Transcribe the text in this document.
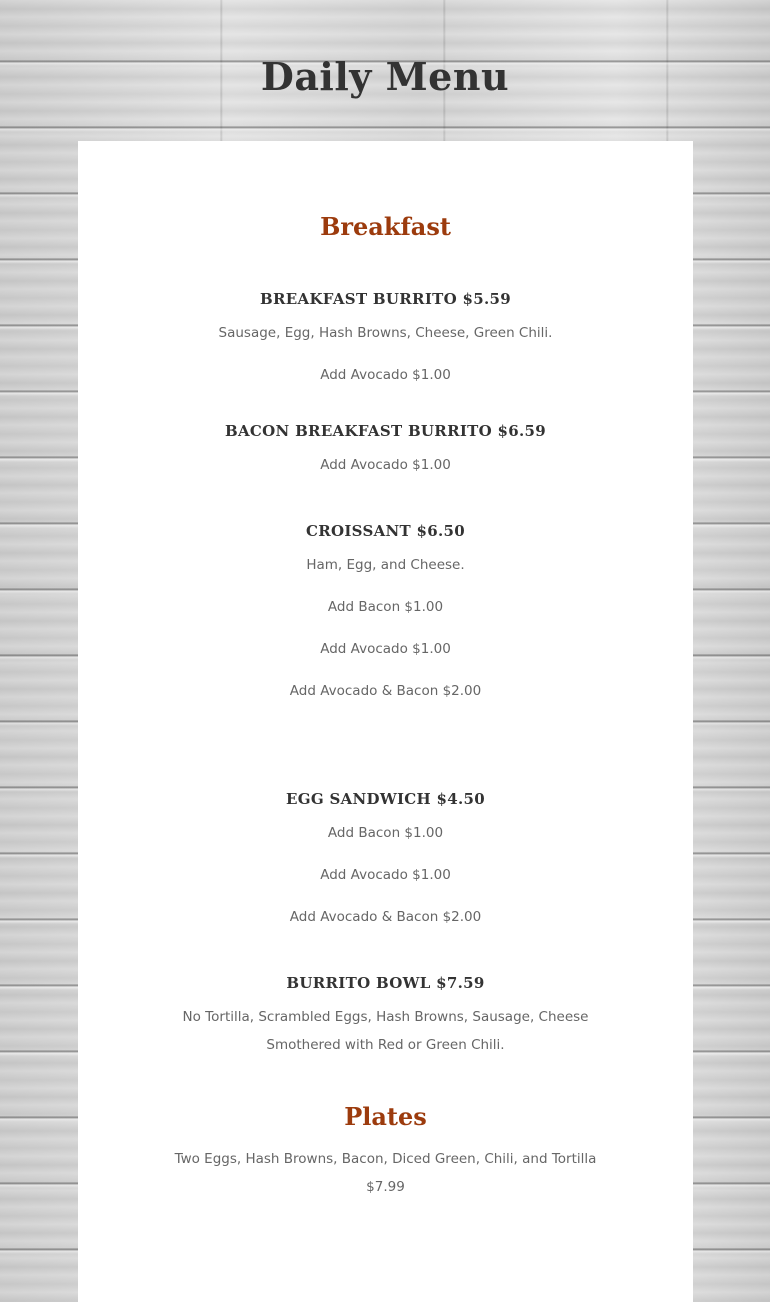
Daily Menu
Breakfast
BREAKFAST BURRITO $5.59

Sausage, Egg, Hash Browns, Cheese, Green Chili.

Add Avocado $1.00

BACON BREAKFAST BURRITO $6.59

Add Avocado $1.00

CROISSANT $6.50

Ham, Egg, and Cheese.

Add Bacon $1.00

Add Avocado $1.00

Add Avocado & Bacon $2.00

EGG SANDWICH $4.50

Add Bacon $1.00

Add Avocado $1.00

Add Avocado & Bacon $2.00

BURRITO BOWL $7.59

No Tortilla, Scrambled Eggs, Hash Browns, Sausage, Cheese

Smothered with Red or Green Chili.

Plates

Two Eggs, Hash Browns, Bacon, Diced Green, Chili, and Tortilla

$7.99
